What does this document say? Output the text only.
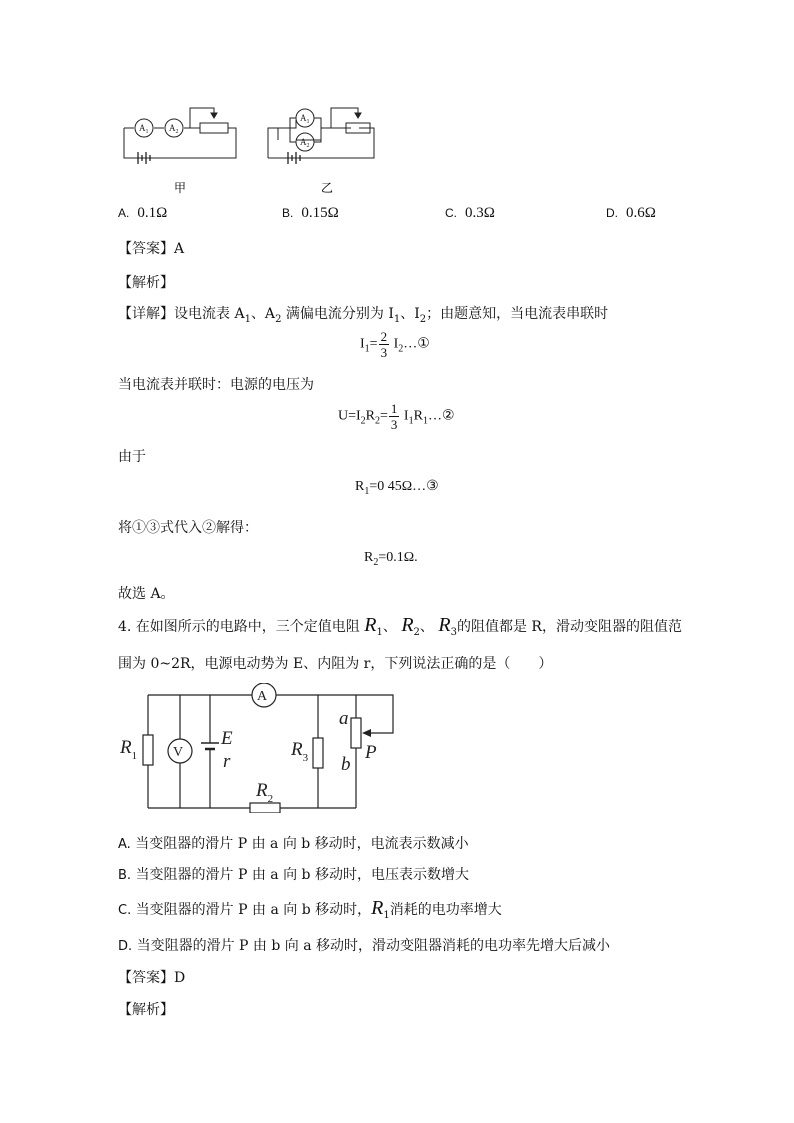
$A_1$ $A_2$
$A_1$
$A_2$
甲	乙
A. 0.1Ω	B. 0.15Ω	C. 0.3Ω	D. 0.6Ω
【答案】A
【解析】
【详解】设电流表 $A_1$、$A_2$ 满偏电流分别为 $I_1$、$I_2$；由题意知，当电流表串联时
$I_1= \frac{2}{3}$ $I_2\dots ①$
当电流表并联时：电源的电压为
$U=I_2R_2= \frac{1}{3}$ $I_1R_1\dots ②$
由于
$R_1=0$ 45Ω…③
将①③式代入②解得：
$R_2=0.1\Omega$.
故选 A。
4. 在如图所示的电路中，三个定值电阻 $R_1$、 $R_2$、 $R_3$的阻值都是 R，滑动变阻器的阻值范
围为 0~2R，电源电动势为 E、内阻为 r，下列说法正确的是（　　）
A
V
$R_1$
E
r
$R_3$
a
b
P
$R_2$
A. 当变阻器的滑片 P 由 a 向 b 移动时，电流表示数减小
B. 当变阻器的滑片 P 由 a 向 b 移动时，电压表示数增大
C. 当变阻器的滑片 P 由 a 向 b 移动时，$R_1$消耗的电功率增大
D. 当变阻器的滑片 P 由 b 向 a 移动时，滑动变阻器消耗的电功率先增大后减小
【答案】D
【解析】
